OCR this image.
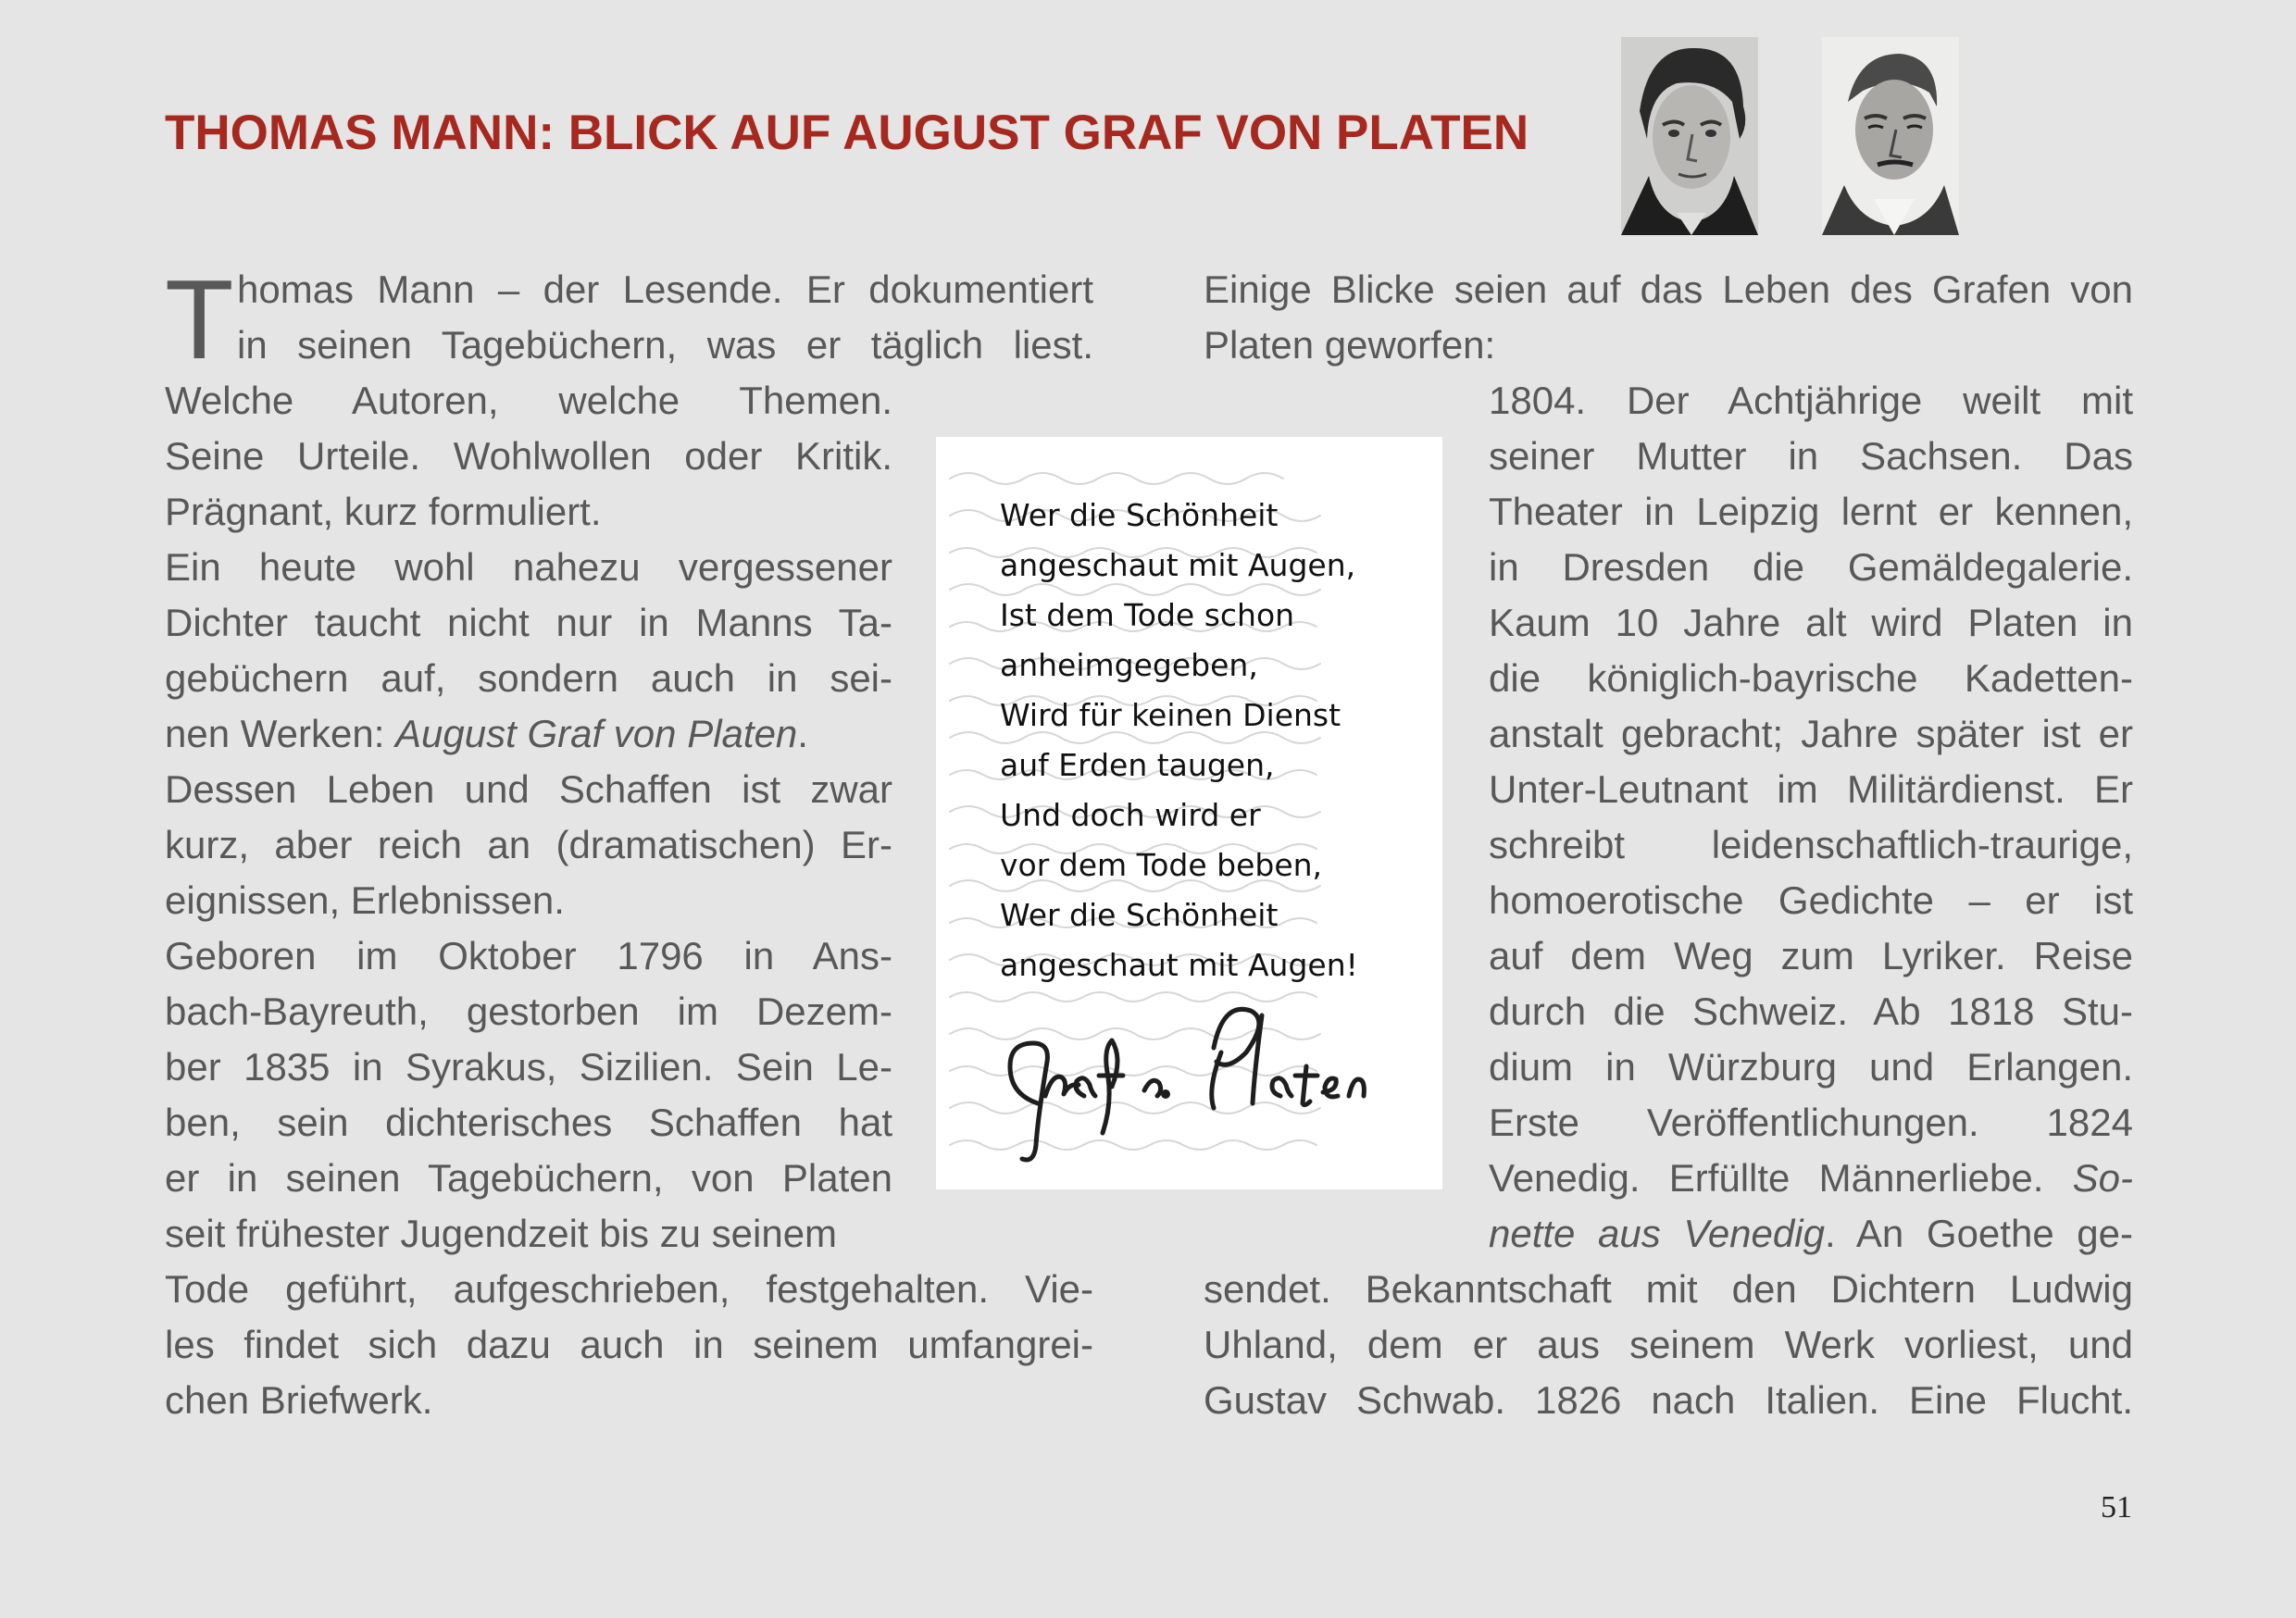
THOMAS MANN: BLICK AUF AUGUST GRAF VON PLATEN
T homas Mann – der Lesende. Er dokumentiert
in seinen Tagebüchern, was er täglich liest.
Welche Autoren, welche Themen.
Seine Urteile. Wohlwollen oder Kritik.
Prägnant, kurz formuliert.
Ein heute wohl nahezu vergessener
Dichter taucht nicht nur in Manns Ta-
gebüchern auf, sondern auch in sei-
nen Werken: August Graf von Platen.
Dessen Leben und Schaffen ist zwar
kurz, aber reich an (dramatischen) Er-
eignissen, Erlebnissen.
Geboren im Oktober 1796 in Ans-
bach-Bayreuth, gestorben im Dezem-
ber 1835 in Syrakus, Sizilien. Sein Le-
ben, sein dichterisches Schaffen hat
er in seinen Tagebüchern, von Platen
seit frühester Jugendzeit bis zu seinem
Tode geführt, aufgeschrieben, festgehalten. Vie-
les findet sich dazu auch in seinem umfangrei-
chen Briefwerk.
Einige Blicke seien auf das Leben des Grafen von
Platen geworfen:
1804. Der Achtjährige weilt mit
seiner Mutter in Sachsen. Das
Theater in Leipzig lernt er kennen,
in Dresden die Gemäldegalerie.
Kaum 10 Jahre alt wird Platen in
die königlich-bayrische Kadetten-
anstalt gebracht; Jahre später ist er
Unter-Leutnant im Militärdienst. Er
schreibt leidenschaftlich-traurige,
homoerotische Gedichte – er ist
auf dem Weg zum Lyriker. Reise
durch die Schweiz. Ab 1818 Stu-
dium in Würzburg und Erlangen.
Erste Veröffentlichungen. 1824
Venedig. Erfüllte Männerliebe. So-
nette aus Venedig. An Goethe ge-
sendet. Bekanntschaft mit den Dichtern Ludwig
Uhland, dem er aus seinem Werk vorliest, und
Gustav Schwab. 1826 nach Italien. Eine Flucht.
Wer die Schönheit
angeschaut mit Augen,
Ist dem Tode schon
anheimgegeben,
Wird für keinen Dienst
auf Erden taugen,
Und doch wird er
vor dem Tode beben,
Wer die Schönheit
angeschaut mit Augen!
51
